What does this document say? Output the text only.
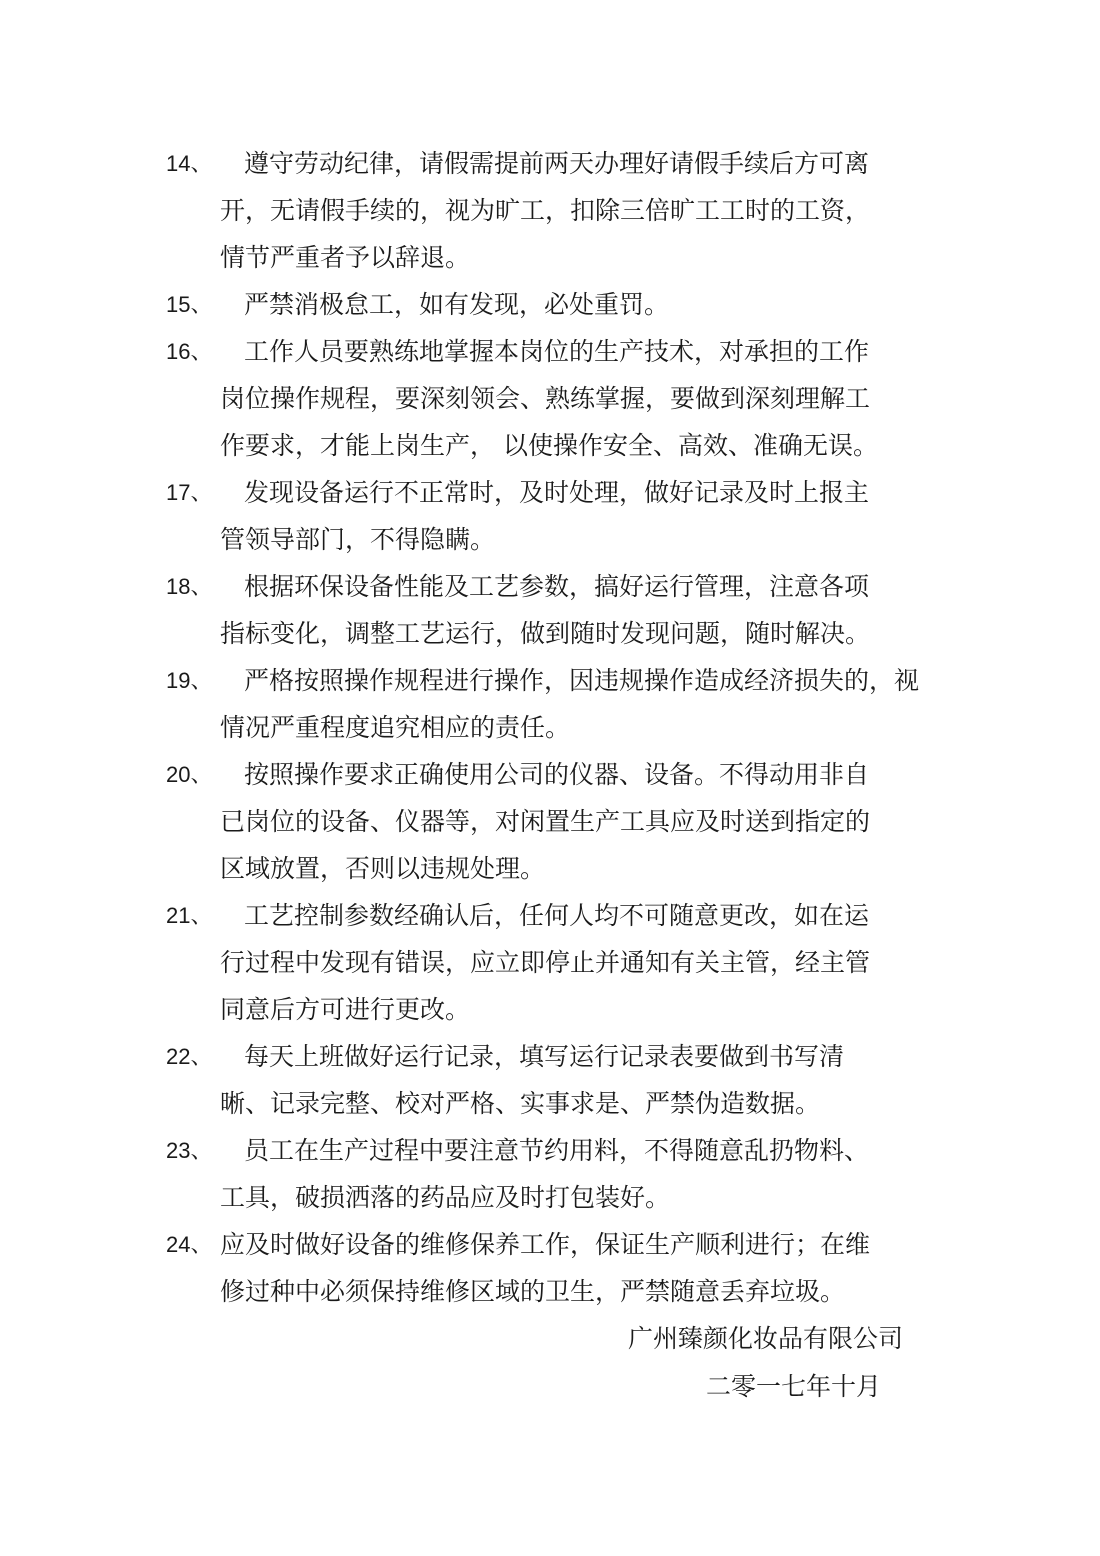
14、	遵守劳动纪律，请假需提前两天办理好请假手续后方可离
开，无请假手续的，视为旷工，扣除三倍旷工工时的工资，
情节严重者予以辞退。
15、	严禁消极怠工，如有发现，必处重罚。
16、	工作人员要熟练地掌握本岗位的生产技术，对承担的工作
岗位操作规程，要深刻领会、熟练掌握，要做到深刻理解工
作要求，才能上岗生产， 以使操作安全、高效、准确无误。
17、	发现设备运行不正常时，及时处理，做好记录及时上报主
管领导部门，不得隐瞒。
18、	根据环保设备性能及工艺参数，搞好运行管理，注意各项
指标变化，调整工艺运行，做到随时发现问题，随时解决。
19、	严格按照操作规程进行操作，因违规操作造成经济损失的，视
情况严重程度追究相应的责任。
20、	按照操作要求正确使用公司的仪器、设备。不得动用非自
已岗位的设备、仪器等，对闲置生产工具应及时送到指定的
区域放置，否则以违规处理。
21、	工艺控制参数经确认后，任何人均不可随意更改，如在运
行过程中发现有错误，应立即停止并通知有关主管，经主管
同意后方可进行更改。
22、	每天上班做好运行记录，填写运行记录表要做到书写清
晰、记录完整、校对严格、实事求是、严禁伪造数据。
23、	员工在生产过程中要注意节约用料，不得随意乱扔物料、
工具，破损洒落的药品应及时打包装好。
24、 应及时做好设备的维修保养工作，保证生产顺利进行；在维
修过种中必须保持维修区域的卫生，严禁随意丢弃垃圾。
广州臻颜化妆品有限公司
二零一七年十月
